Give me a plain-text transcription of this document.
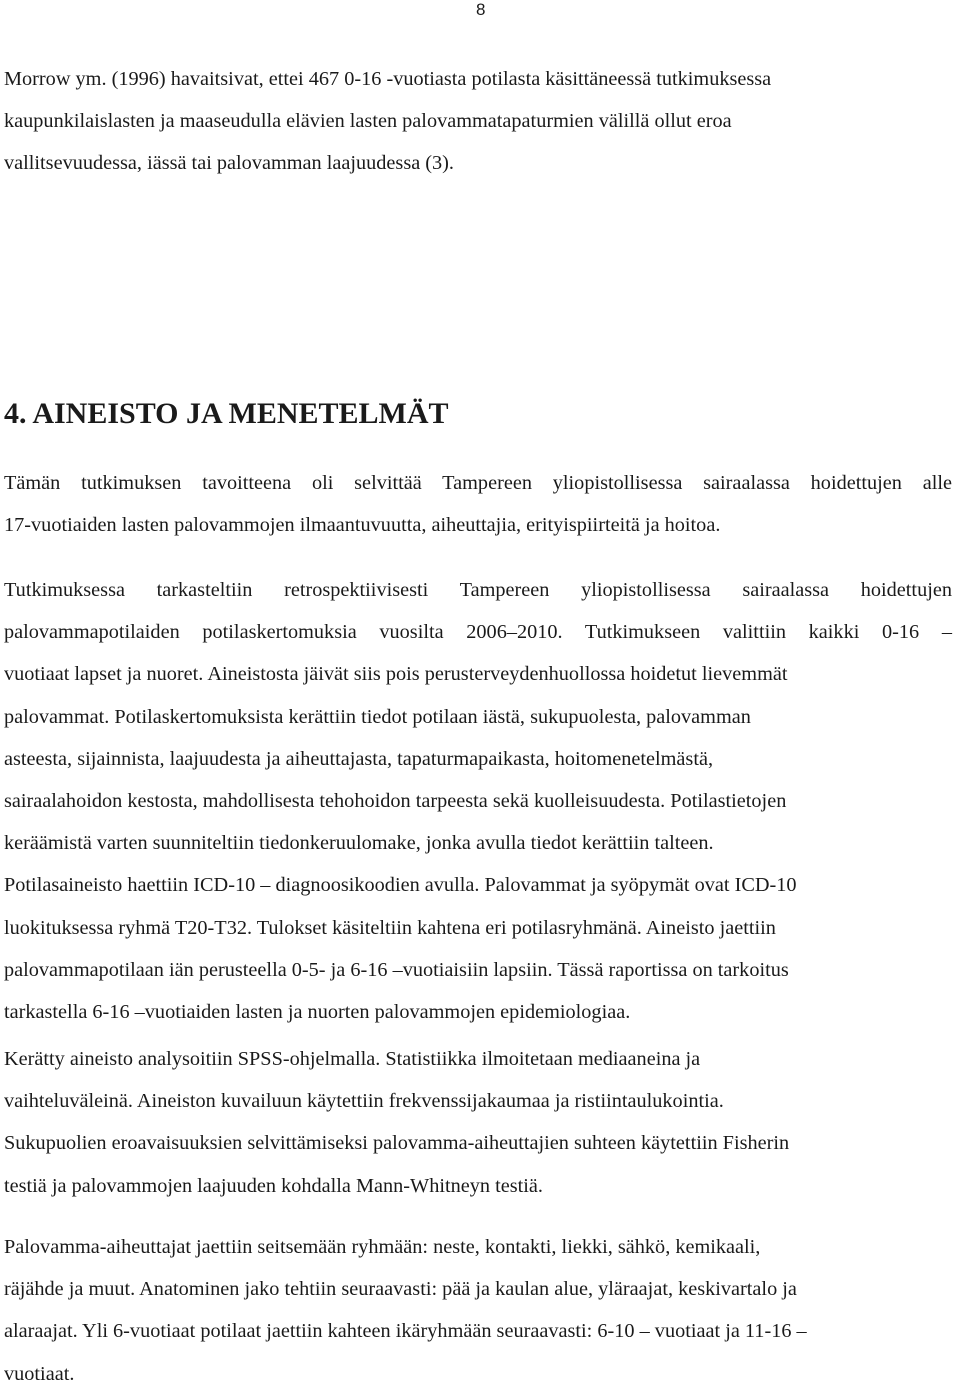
8
Morrow ym. (1996) havaitsivat, ettei 467 0-16 -vuotiasta potilasta käsittäneessä tutkimuksessa
kaupunkilaislasten ja maaseudulla elävien lasten palovammatapaturmien välillä ollut eroa
vallitsevuudessa, iässä tai palovamman laajuudessa (3).
4. AINEISTO JA MENETELMÄT
Tämän tutkimuksen tavoitteena oli selvittää Tampereen yliopistollisessa sairaalassa hoidettujen alle
17-vuotiaiden lasten palovammojen ilmaantuvuutta, aiheuttajia, erityispiirteitä ja hoitoa.
Tutkimuksessa tarkasteltiin retrospektiivisesti Tampereen yliopistollisessa sairaalassa hoidettujen
palovammapotilaiden potilaskertomuksia vuosilta 2006–2010. Tutkimukseen valittiin kaikki 0-16 –
vuotiaat lapset ja nuoret. Aineistosta jäivät siis pois perusterveydenhuollossa hoidetut lievemmät
palovammat. Potilaskertomuksista kerättiin tiedot potilaan iästä, sukupuolesta, palovamman
asteesta, sijainnista, laajuudesta ja aiheuttajasta, tapaturmapaikasta, hoitomenetelmästä,
sairaalahoidon kestosta, mahdollisesta tehohoidon tarpeesta sekä kuolleisuudesta. Potilastietojen
keräämistä varten suunniteltiin tiedonkeruulomake, jonka avulla tiedot kerättiin talteen.
Potilasaineisto haettiin ICD-10 – diagnoosikoodien avulla. Palovammat ja syöpymät ovat ICD-10
luokituksessa ryhmä T20-T32. Tulokset käsiteltiin kahtena eri potilasryhmänä. Aineisto jaettiin
palovammapotilaan iän perusteella 0-5- ja 6-16 –vuotiaisiin lapsiin. Tässä raportissa on tarkoitus
tarkastella 6-16 –vuotiaiden lasten ja nuorten palovammojen epidemiologiaa.
Kerätty aineisto analysoitiin SPSS-ohjelmalla. Statistiikka ilmoitetaan mediaaneina ja
vaihteluväleinä. Aineiston kuvailuun käytettiin frekvenssijakaumaa ja ristiintaulukointia.
Sukupuolien eroavaisuuksien selvittämiseksi palovamma-aiheuttajien suhteen käytettiin Fisherin
testiä ja palovammojen laajuuden kohdalla Mann-Whitneyn testiä.
Palovamma-aiheuttajat jaettiin seitsemään ryhmään: neste, kontakti, liekki, sähkö, kemikaali,
räjähde ja muut. Anatominen jako tehtiin seuraavasti: pää ja kaulan alue, yläraajat, keskivartalo ja
alaraajat. Yli 6-vuotiaat potilaat jaettiin kahteen ikäryhmään seuraavasti: 6-10 – vuotiaat ja 11-16 –
vuotiaat.
